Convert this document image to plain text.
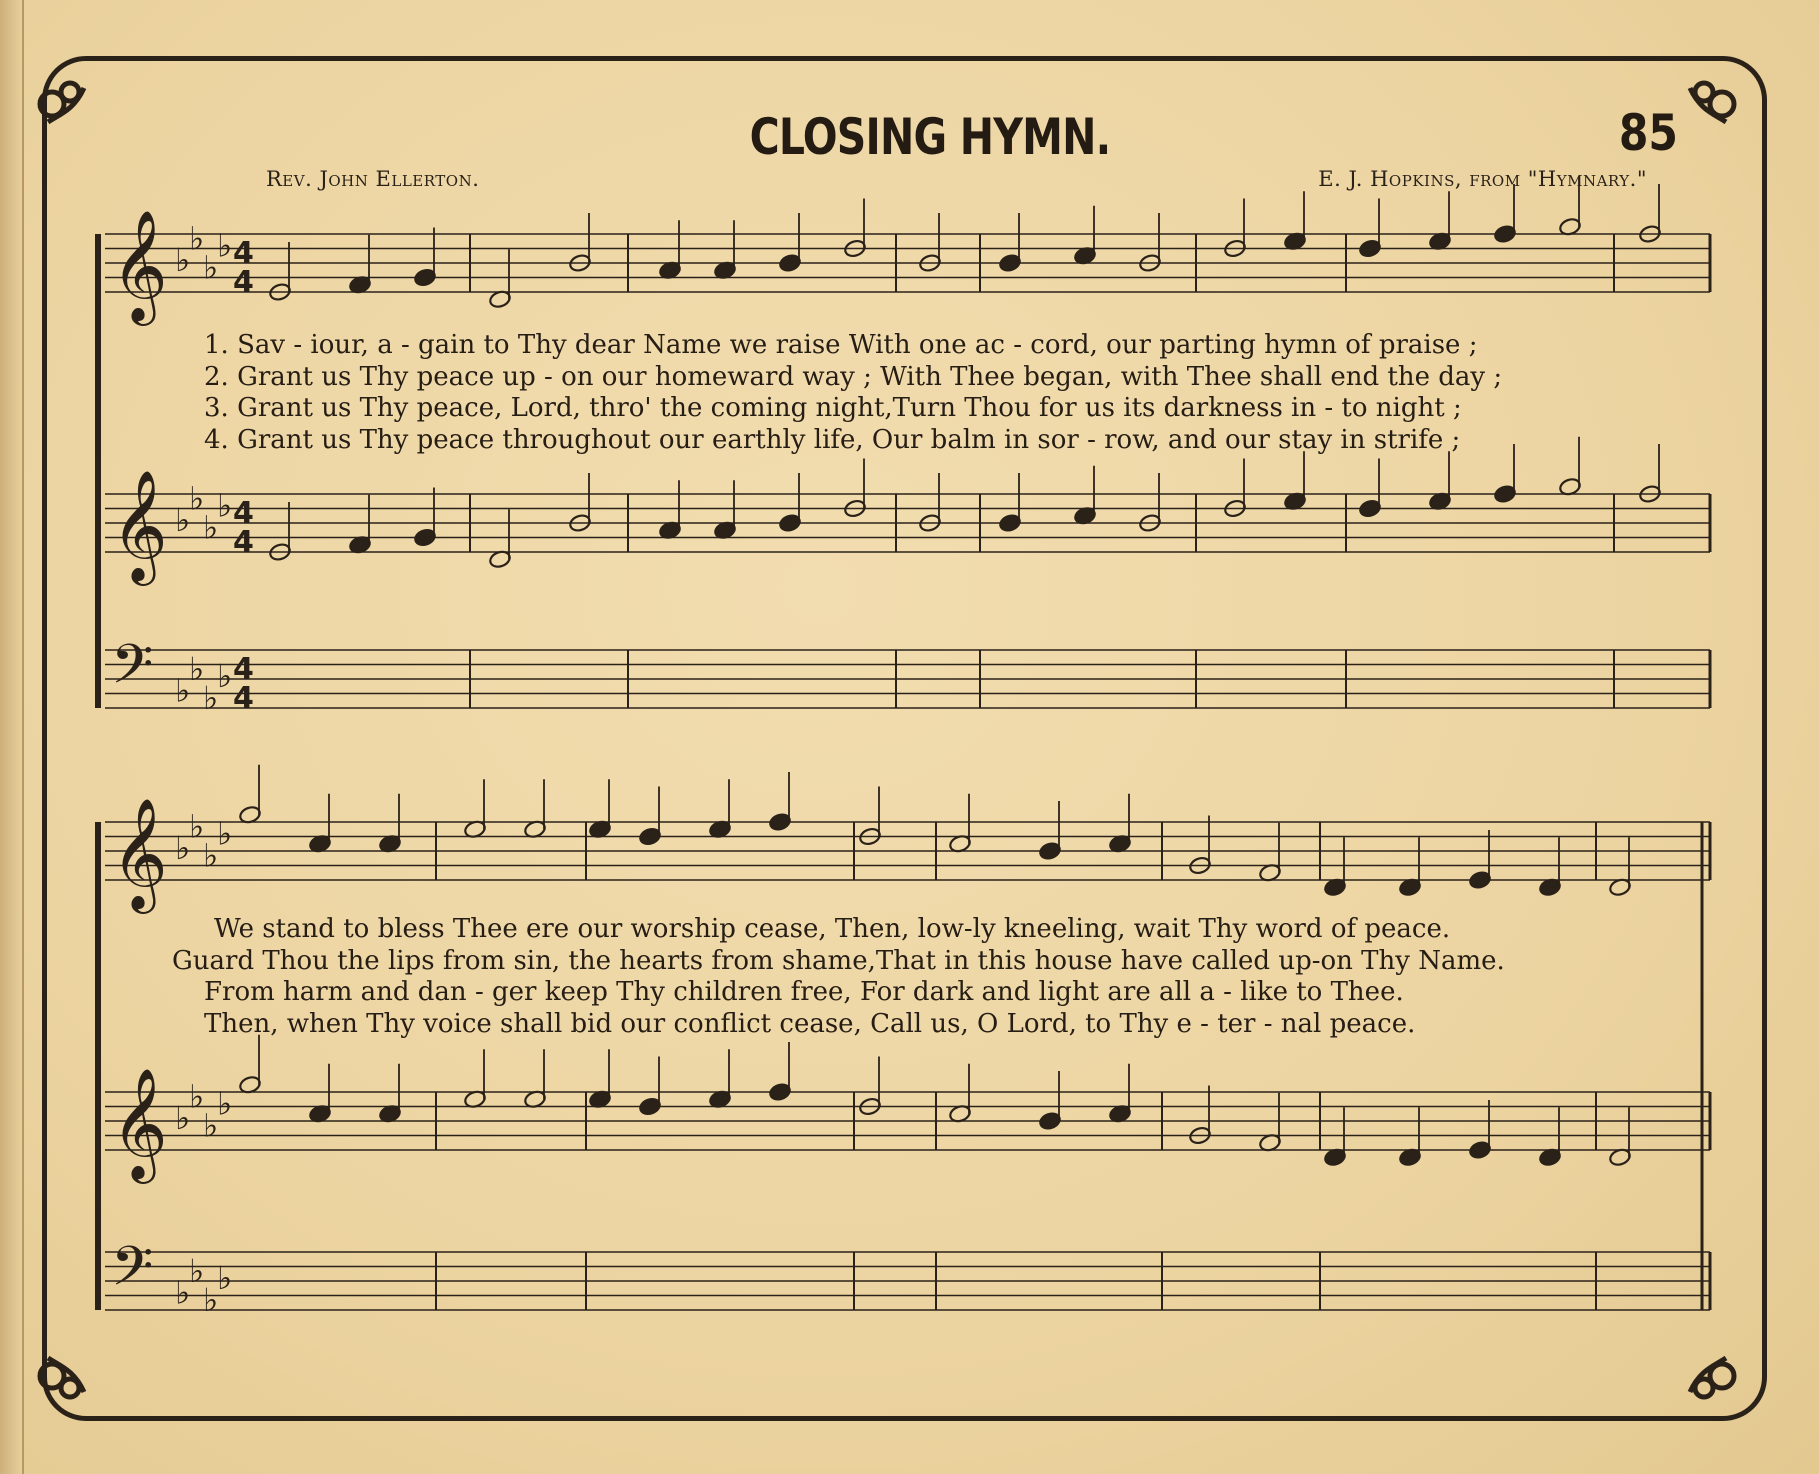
CLOSING HYMN.	85
Rev. John Ellerton.	E. J. Hopkins, from "Hymnary."
𝄞 ♭
♭
♭
♭ 4
4
𝄞 ♭
♭
♭
♭ 4
4
𝄢 ♭
♭
♭
♭ 4
4
𝄞 ♭
♭
♭
♭
𝄞 ♭
♭
♭
♭
𝄢 ♭
♭
♭
♭
1. Sav - iour, a - gain to Thy dear Name we raise With one ac - cord, our parting hymn of praise ;
2. Grant us Thy peace up - on our homeward way ; With Thee began, with Thee shall end the day ;
3. Grant us Thy peace, Lord, thro' the coming night,Turn Thou for us its darkness in - to night ;
4. Grant us Thy peace throughout our earthly life, Our balm in sor - row, and our stay in strife ;
We stand to bless Thee ere our worship cease, Then, low-ly kneeling, wait Thy word of peace.
Guard Thou the lips from sin, the hearts from shame,That in this house have called up-on Thy Name.
From harm and dan - ger keep Thy children free, For dark and light are all a - like to Thee.
Then, when Thy voice shall bid our conflict cease, Call us, O Lord, to Thy e - ter - nal peace.
